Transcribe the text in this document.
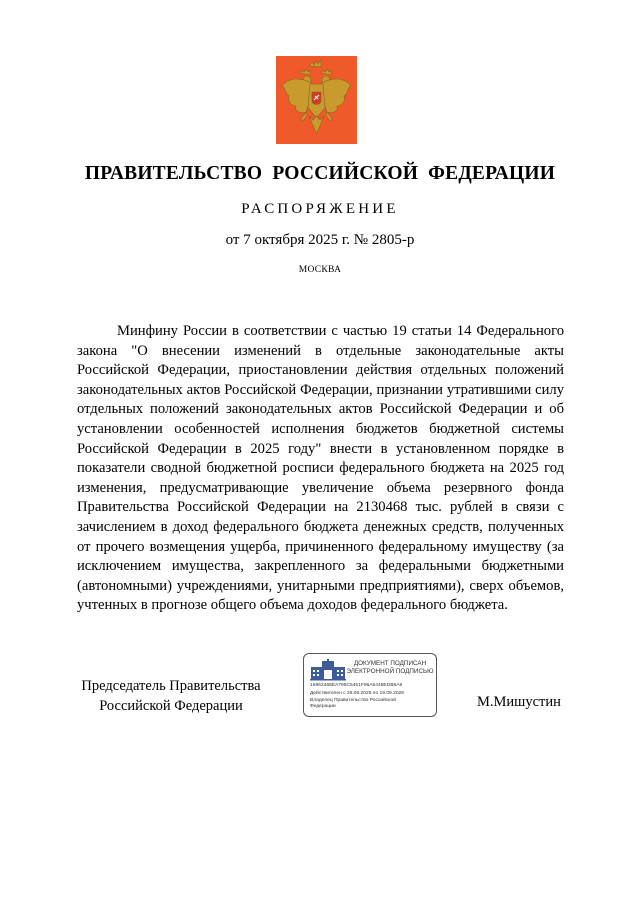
ПРАВИТЕЛЬСТВО РОССИЙСКОЙ ФЕДЕРАЦИИ
РАСПОРЯЖЕНИЕ
от 7 октября 2025 г. № 2805-р
МОСКВА

Минфину России в соответствии с частью 19 статьи 14 Федерального закона "О внесении изменений в отдельные законодательные акты Российской Федерации, приостановлении действия отдельных положений законодательных актов Российской Федерации, признании утратившими силу отдельных положений законодательных актов Российской Федерации и об установлении особенностей исполнения бюджетов бюджетной системы Российской Федерации в 2025 году" внести в установленном порядке в показатели сводной бюджетной росписи федерального бюджета на 2025 год изменения, предусматривающие увеличение объема резервного фонда Правительства Российской Федерации на 2130468 тыс. рублей в связи с зачислением в доход федерального бюджета денежных средств, полученных от прочего возмещения ущерба, причиненного федеральному имуществу (за исключением имущества, закрепленного за федеральными бюджетными (автономными) учреждениями, унитарными предприятиями), сверх объемов, учтенных в прогнозе общего объема доходов федерального бюджета.

Председатель Правительства
Российской Федерации
ДОКУМЕНТ ПОДПИСАН
ЭЛЕКТРОННОЙ ПОДПИСЬЮ
16962468EA795C5451F96A5448EDB8A9
Действителен с 26.06.2025 по 19.09.2026
Владелец Правительство Российской
Федерации	М.Мишустин
